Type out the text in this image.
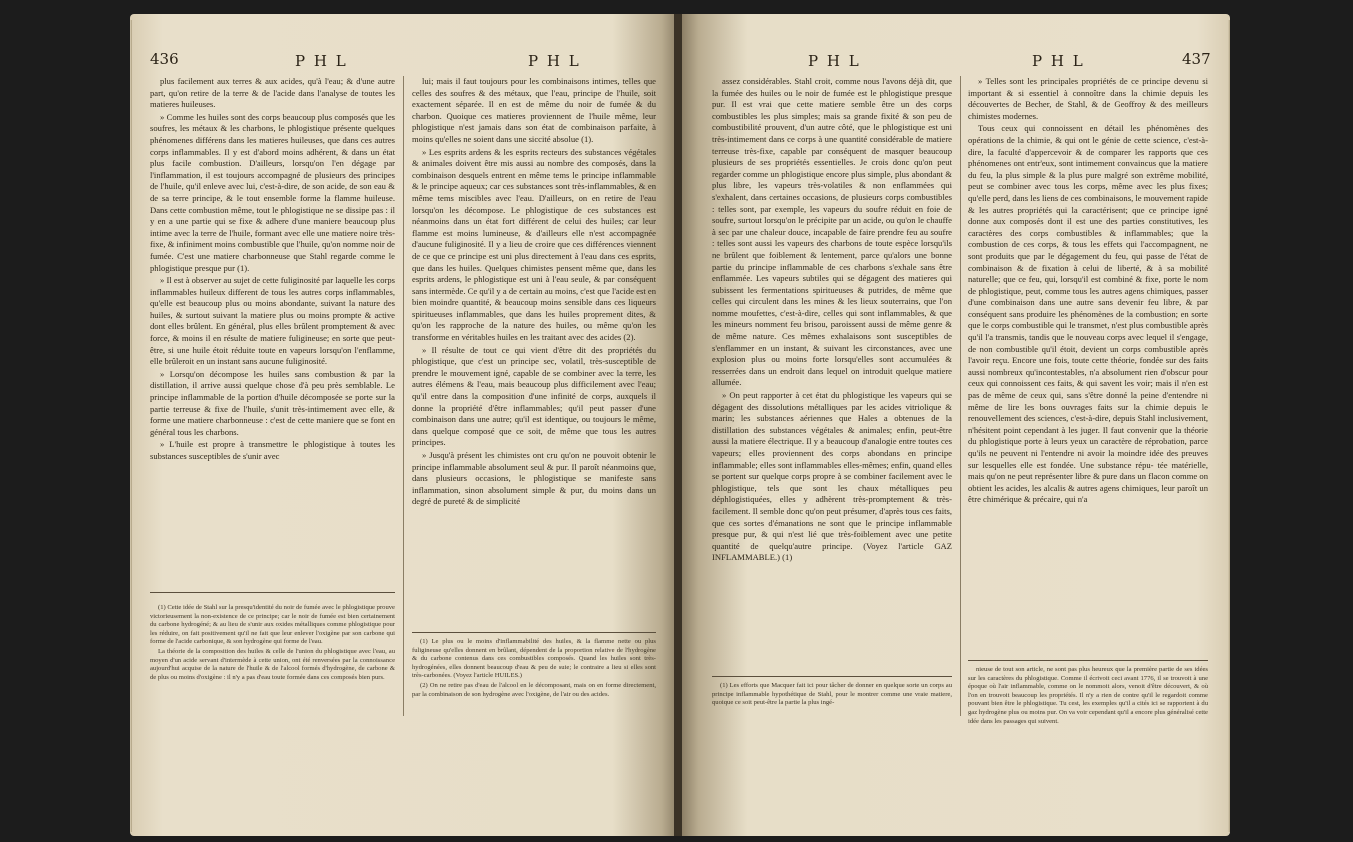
436	P H L	P H L

plus facilement aux terres & aux acides, qu'à l'eau; & d'une autre part, qu'on retire de la terre & de l'acide dans l'analyse de toutes les matieres huileuses.

» Comme les huiles sont des corps beaucoup plus composés que les soufres, les métaux & les charbons, le phlogistique présente quelques phénomenes différens dans les matieres huileuses, que dans ces autres corps inflammables. Il y est d'abord moins adhérent, & dans un état plus facile combustion. D'ailleurs, lorsqu'on l'en dégage par l'inflammation, il est toujours accompagné de plusieurs des principes de l'huile, qu'il enleve avec lui, c'est-à-dire, de son acide, de son eau & de sa terre principe, & le tout ensemble forme la flamme huileuse. Dans cette combustion même, tout le phlogistique ne se dissipe pas : il y en a une partie qui se fixe & adhere d'une maniere beaucoup plus intime avec la terre de l'huile, formant avec elle une matiere noire très-fixe, & infiniment moins combustible que l'huile, qu'on nomme noir de fumée. C'est une matiere charbonneuse que Stahl regarde comme le phlogistique presque pur (1).

» Il est à observer au sujet de cette fuliginosité par laquelle les corps inflammables huileux different de tous les autres corps inflammables, qu'elle est beaucoup plus ou moins abondante, suivant la nature des huiles, & surtout suivant la matiere plus ou moins prompte & active dont elles brûlent. En général, plus elles brûlent promptement & avec force, & moins il en résulte de matiere fuligineuse; en sorte que peut-être, si une huile étoit réduite toute en vapeurs lorsqu'on l'enflamme, elle brûleroit en un instant sans aucune fuliginosité.

» Lorsqu'on décompose les huiles sans combustion & par la distillation, il arrive aussi quelque chose d'à peu près semblable. Le principe inflammable de la portion d'huile décomposée se porte sur la partie terreuse & fixe de l'huile, s'unit très-intimement avec elle, & forme une matiere charbonneuse : c'est de cette maniere que se font en général tous les charbons.

» L'huile est propre à transmettre le phlogistique à toutes les substances susceptibles de s'unir avec

(1) Cette idée de Stahl sur la presqu'identité du noir de fumée avec le phlogistique prouve victorieusement la non-existence de ce principe; car le noir de fumée est bien certainement du carbone hydrogéné; & au lieu de s'unir aux oxides métalliques comme phlogistique pour les réduire, on fait positivement qu'il ne fait que leur enlever l'oxigène par son carbone qui forme de l'acide carbonique, & son hydrogène qui forme de l'eau.

La théorie de la composition des huiles & celle de l'union du phlogistique avec l'eau, au moyen d'un acide servant d'intermède à cette union, ont été renversées par la connoissance aujourd'hui acquise de la nature de l'huile & de l'alcool formés d'hydrogène, de carbone & de plus ou moins d'oxigène : il n'y a pas d'eau toute formée dans ces composés bien purs.

lui; mais il faut toujours pour les combinaisons intimes, telles que celles des soufres & des métaux, que l'eau, principe de l'huile, soit exactement séparée. Il en est de même du noir de fumée & du charbon. Quoique ces matieres proviennent de l'huile même, leur phlogistique n'est jamais dans son état de combinaison parfaite, à moins qu'elles ne soient dans une siccité absolue (1).

» Les esprits ardens & les esprits recteurs des substances végétales & animales doivent être mis aussi au nombre des composés, dans la combinaison desquels entrent en même tems le principe inflammable & le principe aqueux; car ces substances sont très-inflammables, & en même tems miscibles avec l'eau. D'ailleurs, on en retire de l'eau lorsqu'on les décompose. Le phlogistique de ces substances est néanmoins dans un état fort différent de celui des huiles; car leur flamme est moins lumineuse, & d'ailleurs elle n'est accompagnée d'aucune fuliginosité. Il y a lieu de croire que ces différences viennent de ce que ce principe est uni plus directement à l'eau dans ces esprits, que dans les huiles. Quelques chimistes pensent même que, dans les esprits ardens, le phlogistique est uni à l'eau seule, & par conséquent sans intermède. Ce qu'il y a de certain au moins, c'est que l'acide est en bien moindre quantité, & beaucoup moins sensible dans ces liqueurs spiritueuses inflammables, que dans les huiles proprement dites, & qu'on les rapproche de la nature des huiles, ou même qu'on les transforme en véritables huiles en les traitant avec des acides (2).

» Il résulte de tout ce qui vient d'être dit des propriétés du phlogistique, que c'est un principe sec, volatil, très-susceptible de prendre le mouvement igné, capable de se combiner avec la terre, les autres élémens & l'eau, mais beaucoup plus difficilement avec l'eau; qu'il entre dans la composition d'une infinité de corps, auxquels il donne la propriété d'être inflammables; qu'il peut passer d'une combinaison dans une autre; qu'il est identique, ou toujours le même, dans quelque composé que ce soit, de même que tous les autres principes.

» Jusqu'à présent les chimistes ont cru qu'on ne pouvoit obtenir le principe inflammable absolument seul & pur. Il paroît néanmoins que, dans plusieurs occasions, le phlogistique se manifeste sans inflammation, sinon absolument simple & pur, du moins dans un degré de pureté & de simplicité

(1) Le plus ou le moins d'inflammabilité des huiles, & la flamme nette ou plus fuligineuse qu'elles donnent en brûlant, dépendent de la proportion relative de l'hydrogène & du carbone contenus dans ces combustibles composés. Quand les huiles sont très-hydrogénées, elles donnent beaucoup d'eau & peu de suie; le contraire a lieu si elles sont très-carbonées. (Voyez l'article HUILES.)

(2) On ne retire pas d'eau de l'alcool en le décomposant, mais on en forme directement, par la combinaison de son hydrogène avec l'oxigène, de l'air ou des acides.

P H L	P H L	437

assez considérables. Stahl croit, comme nous l'avons déjà dit, que la fumée des huiles ou le noir de fumée est le phlogistique presque pur. Il est vrai que cette matiere semble être un des corps combustibles les plus simples; mais sa grande fixité & son peu de combustibilité prouvent, d'un autre côté, que le phlogistique est uni très-intimement dans ce corps à une quantité considérable de matiere terreuse très-fixe, capable par conséquent de masquer beaucoup plusieurs de ses propriétés essentielles. Je crois donc qu'on peut regarder comme un phlogistique encore plus simple, plus abondant & plus libre, les vapeurs très-volatiles & non enflammées qui s'exhalent, dans certaines occasions, de plusieurs corps combustibles : telles sont, par exemple, les vapeurs du soufre réduit en foie de soufre, surtout lorsqu'on le précipite par un acide, ou qu'on le chauffe à sec par une chaleur douce, incapable de faire prendre feu au soufre : telles sont aussi les vapeurs des charbons de toute espèce lorsqu'ils ne brûlent que foiblement & lentement, parce qu'alors une bonne partie du principe inflammable de ces charbons s'exhale sans être enflammée. Les vapeurs subtiles qui se dégagent des matieres qui subissent les fermentations spiritueuses & putrides, de même que celles qui circulent dans les mines & les lieux souterrains, que l'on nomme moufettes, c'est-à-dire, celles qui sont inflammables, & que les mineurs nomment feu brisou, paroissent aussi de même genre & de même nature. Ces mêmes exhalaisons sont susceptibles de s'enflammer en un instant, & suivant les circonstances, avec une explosion plus ou moins forte lorsqu'elles sont accumulées & resserrées dans un endroit dans lequel on introduit quelque matiere allumée.

» On peut rapporter à cet état du phlogistique les vapeurs qui se dégagent des dissolutions métalliques par les acides vitriolique & marin; les substances aériennes que Hales a obtenues de la distillation des substances végétales & animales; enfin, peut-être aussi la matiere électrique. Il y a beaucoup d'analogie entre toutes ces vapeurs; elles proviennent des corps abondans en principe inflammable; elles sont inflammables elles-mêmes; enfin, quand elles se portent sur quelque corps propre à se combiner facilement avec le phlogistique, tels que sont les chaux métalliques peu déphlogistiquées, elles y adhèrent très-promptement & très-facilement. Il semble donc qu'on peut présumer, d'après tous ces faits, que ces sortes d'émanations ne sont que le principe inflammable presque pur, & qui n'est lié que très-foiblement avec une petite quantité de quelqu'autre principe. (Voyez l'article GAZ INFLAMMABLE.) (1)

(1) Les efforts que Macquer fait ici pour tâcher de donner en quelque sorte un corps au principe inflammable hypothétique de Stahl, pour le montrer comme une vraie matiere, quoique ce soit peut-être la partie la plus ingé-

» Telles sont les principales propriétés de ce principe devenu si important & si essentiel à connoître dans la chimie depuis les découvertes de Becher, de Stahl, & de Geoffroy & des meilleurs chimistes modernes.

Tous ceux qui connoissent en détail les phénomènes des opérations de la chimie, & qui ont le génie de cette science, c'est-à-dire, la faculté d'appercevoir & de comparer les rapports que ces phénomenes ont entr'eux, sont intimement convaincus que la matiere du feu, la plus simple & la plus pure malgré son extrême mobilité, peut se combiner avec tous les corps, même avec les plus fixes; qu'elle perd, dans les liens de ces combinaisons, le mouvement rapide & les autres propriétés qui la caractérisent; que ce principe igné donne aux composés dont il est une des parties constitutives, les caractères des corps combustibles & inflammables; que la combustion de ces corps, & tous les effets qui l'accompagnent, ne sont produits que par le dégagement du feu, qui passe de l'état de combinaison & de fixation à celui de liberté, & à sa mobilité naturelle; que ce feu, qui, lorsqu'il est combiné & fixe, porte le nom de phlogistique, peut, comme tous les autres agens chimiques, passer d'une combinaison dans une autre sans devenir feu libre, & par conséquent sans produire les phénomènes de la combustion; en sorte que le corps combustible qui le transmet, n'est plus combustible après qu'il l'a transmis, tandis que le nouveau corps avec lequel il s'engage, de non combustible qu'il étoit, devient un corps combustible après l'avoir reçu. Encore une fois, toute cette théorie, fondée sur des faits aussi nombreux qu'incontestables, n'a absolument rien d'obscur pour ceux qui connoissent ces faits, & qui savent les voir; mais il n'en est pas de même de ceux qui, sans s'être donné la peine d'entendre ni même de lire les bons ouvrages faits sur la chimie depuis le renouvellement des sciences, c'est-à-dire, depuis Stahl inclusivement, n'hésitent point cependant à les juger. Il faut convenir que la théorie du phlogistique porte à leurs yeux un caractère de réprobation, parce qu'ils ne peuvent ni l'entendre ni avoir la moindre idée des preuves sur lesquelles elle est fondée. Une substance répu- tée matérielle, mais qu'on ne peut représenter libre & pure dans un flacon comme on obtient les acides, les alcalis & autres agens chimiques, leur paroît un être chimérique & précaire, qui n'a

nieuse de tout son article, ne sont pas plus heureux que la première partie de ses idées sur les caractères du phlogistique. Comme il écrivoit ceci avant 1776, il se trouvoit à une époque où l'air inflammable, comme on le nommoit alors, venoit d'être découvert, & où l'on en trouvoit beaucoup les propriétés. Il n'y a rien de contre qu'il le regardoit comme pouvant bien être le phlogistique. Tu cest, les exemples qu'il a cités ici se rapportent à du gaz hydrogène plus ou moins pur. On va voir cependant qu'il a encore plus généralisé cette idée dans les passages qui suivent.
